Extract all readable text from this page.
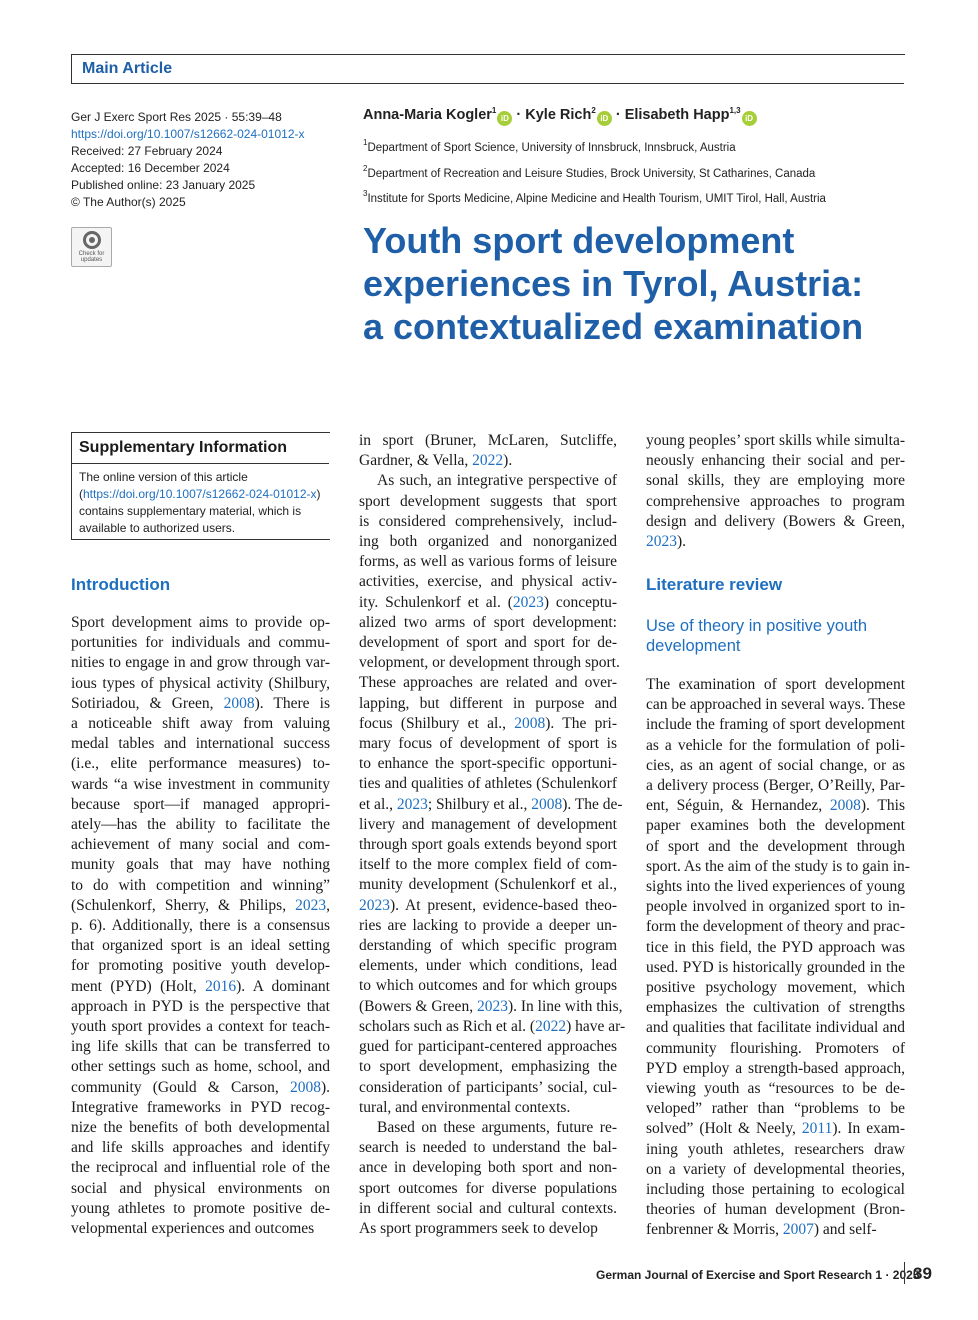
Main Article
Ger J Exerc Sport Res 2025 · 55:39–48
https://doi.org/10.1007/s12662-024-01012-x
Received: 27 February 2024
Accepted: 16 December 2024
Published online: 23 January 2025
© The Author(s) 2025
Check for
updates
Anna-Maria Kogler$^1$iD · Kyle Rich$^2$iD · Elisabeth Happ$^{1,3}$iD
$^1$Department of Sport Science, University of Innsbruck, Innsbruck, Austria
$^2$Department of Recreation and Leisure Studies, Brock University, St Catharines, Canada
$^3$Institute for Sports Medicine, Alpine Medicine and Health Tourism, UMIT Tirol, Hall, Austria
Youth sport development
experiences in Tyrol, Austria:
a contextualized examination
Supplementary Information
The online version of this article (https://doi.org/10.1007/s12662-024-01012-x) contains supplementary material, which is available to authorized users.
Introduction	Literature review
Use of theory in positive youth development
Sport development aims to provide op-
portunities for individuals and commu-
nities to engage in and grow through var-
ious types of physical activity (Shilbury,
Sotiriadou, & Green, 2008). There is
a noticeable shift away from valuing
medal tables and international success
(i.e., elite performance measures) to-
wards “a wise investment in community
because sport—if managed appropri-
ately—has the ability to facilitate the
achievement of many social and com-
munity goals that may have nothing
to do with competition and winning”
(Schulenkorf, Sherry, & Philips, 2023,
p. 6). Additionally, there is a consensus
that organized sport is an ideal setting
for promoting positive youth develop-
ment (PYD) (Holt, 2016). A dominant
approach in PYD is the perspective that
youth sport provides a context for teach-
ing life skills that can be transferred to
other settings such as home, school, and
community (Gould & Carson, 2008).
Integrative frameworks in PYD recog-
nize the benefits of both developmental
and life skills approaches and identify
the reciprocal and influential role of the
social and physical environments on
young athletes to promote positive de-
velopmental experiences and outcomes
in sport (Bruner, McLaren, Sutcliffe,
Gardner, & Vella, 2022).
As such, an integrative perspective of
sport development suggests that sport
is considered comprehensively, includ-
ing both organized and nonorganized
forms, as well as various forms of leisure
activities, exercise, and physical activ-
ity. Schulenkorf et al. (2023) conceptu-
alized two arms of sport development:
development of sport and sport for de-
velopment, or development through sport.
These approaches are related and over-
lapping, but different in purpose and
focus (Shilbury et al., 2008). The pri-
mary focus of development of sport is
to enhance the sport-specific opportuni-
ties and qualities of athletes (Schulenkorf
et al., 2023; Shilbury et al., 2008). The de-
livery and management of development
through sport goals extends beyond sport
itself to the more complex field of com-
munity development (Schulenkorf et al.,
2023). At present, evidence-based theo-
ries are lacking to provide a deeper un-
derstanding of which specific program
elements, under which conditions, lead
to which outcomes and for which groups
(Bowers & Green, 2023). In line with this,
scholars such as Rich et al. (2022) have ar-
gued for participant-centered approaches
to sport development, emphasizing the
consideration of participants’ social, cul-
tural, and environmental contexts.
Based on these arguments, future re-
search is needed to understand the bal-
ance in developing both sport and non-
sport outcomes for diverse populations
in different social and cultural contexts.
As sport programmers seek to develop
young peoples’ sport skills while simulta-
neously enhancing their social and per-
sonal skills, they are employing more
comprehensive approaches to program
design and delivery (Bowers & Green,
2023).
The examination of sport development
can be approached in several ways. These
include the framing of sport development
as a vehicle for the formulation of poli-
cies, as an agent of social change, or as
a delivery process (Berger, O’Reilly, Par-
ent, Séguin, & Hernandez, 2008). This
paper examines both the development
of sport and the development through
sport. As the aim of the study is to gain in-
sights into the lived experiences of young
people involved in organized sport to in-
form the development of theory and prac-
tice in this field, the PYD approach was
used. PYD is historically grounded in the
positive psychology movement, which
emphasizes the cultivation of strengths
and qualities that facilitate individual and
community flourishing. Promoters of
PYD employ a strength-based approach,
viewing youth as “resources to be de-
veloped” rather than “problems to be
solved” (Holt & Neely, 2011). In exam-
ining youth athletes, researchers draw
on a variety of developmental theories,
including those pertaining to ecological
theories of human development (Bron-
fenbrenner & Morris, 2007) and self-
German Journal of Exercise and Sport Research 1 · 2025
39
